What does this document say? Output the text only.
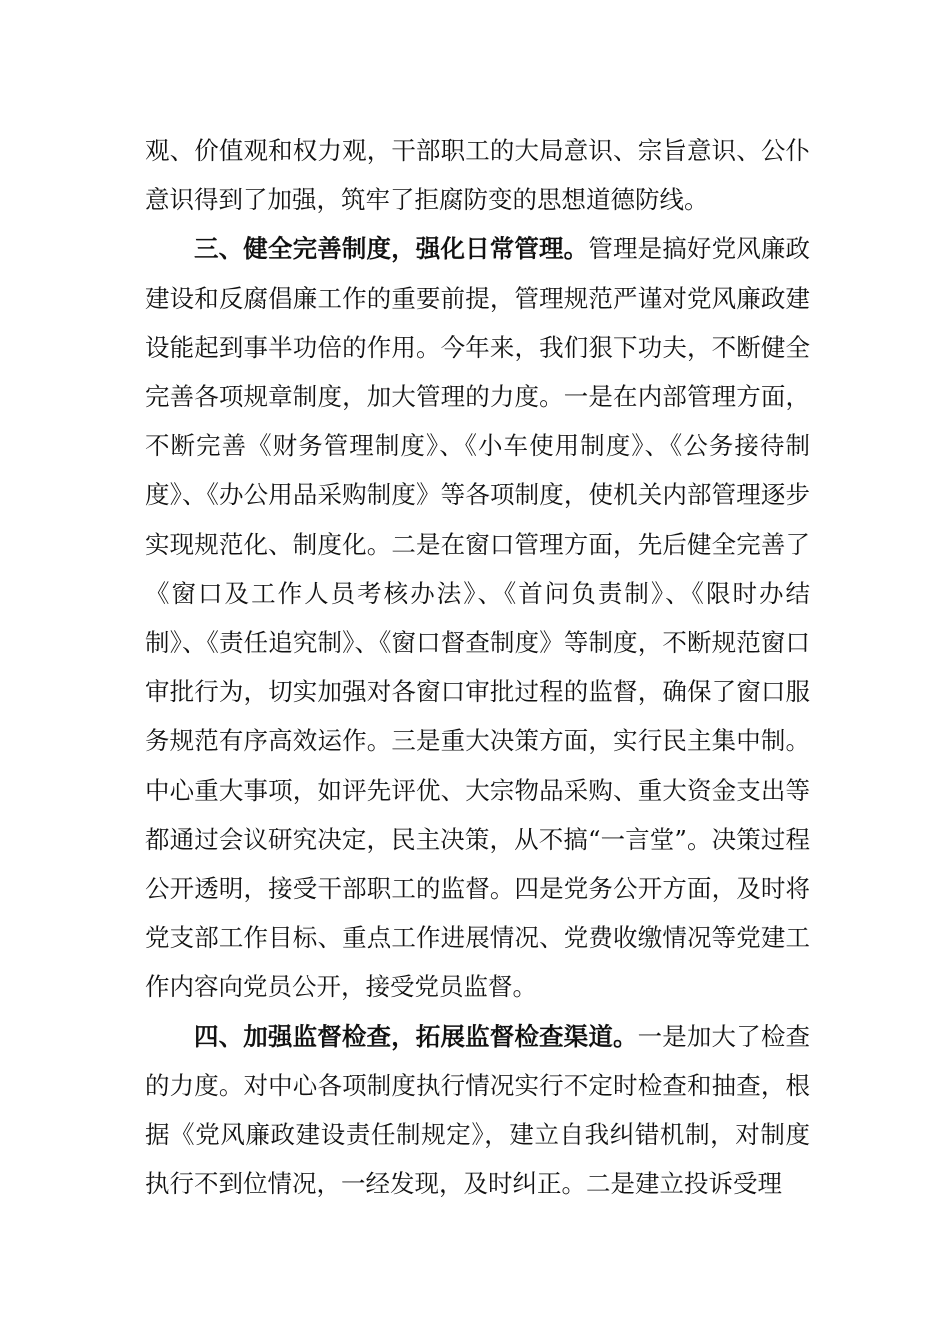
观、价值观和权力观，干部职工的大局意识、宗旨意识、公仆意识得到了加强，筑牢了拒腐防变的思想道德防线。

三、健全完善制度，强化日常管理。管理是搞好党风廉政建设和反腐倡廉工作的重要前提，管理规范严谨对党风廉政建设能起到事半功倍的作用。今年来，我们狠下功夫，不断健全完善各项规章制度，加大管理的力度。一是在内部管理方面，不断完善《财务管理制度》、《小车使用制度》、《公务接待制度》、《办公用品采购制度》等各项制度，使机关内部管理逐步实现规范化、制度化。二是在窗口管理方面，先后健全完善了《窗口及工作人员考核办法》、《首问负责制》、《限时办结制》、《责任追究制》、《窗口督查制度》等制度，不断规范窗口审批行为，切实加强对各窗口审批过程的监督，确保了窗口服务规范有序高效运作。三是重大决策方面，实行民主集中制。中心重大事项，如评先评优、大宗物品采购、重大资金支出等都通过会议研究决定，民主决策，从不搞“一言堂”。决策过程公开透明，接受干部职工的监督。四是党务公开方面，及时将党支部工作目标、重点工作进展情况、党费收缴情况等党建工作内容向党员公开，接受党员监督。

四、加强监督检查，拓展监督检查渠道。一是加大了检查的力度。对中心各项制度执行情况实行不定时检查和抽查，根据《党风廉政建设责任制规定》，建立自我纠错机制，对制度执行不到位情况，一经发现，及时纠正。二是建立投诉受理
